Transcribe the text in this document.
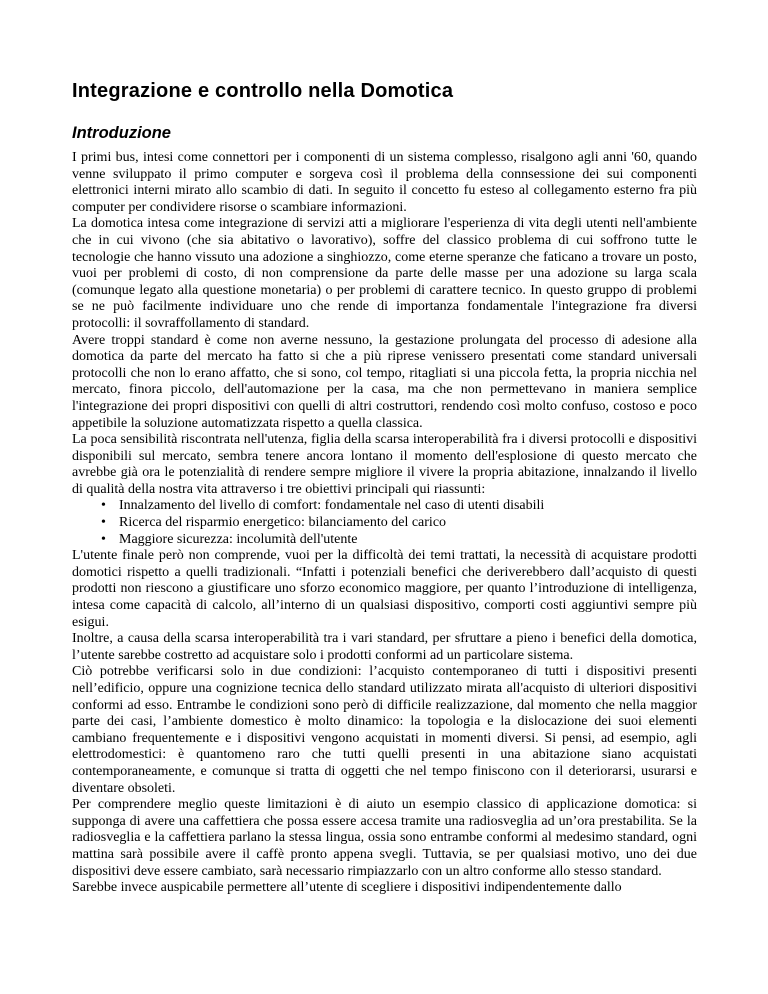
Integrazione e controllo nella Domotica
Introduzione

I primi bus, intesi come connettori per i componenti di un sistema complesso, risalgono agli anni '60, quando venne sviluppato il primo computer e sorgeva così il problema della connsessione dei sui componenti elettronici interni mirato allo scambio di dati. In seguito il concetto fu esteso al collegamento esterno fra più computer per condividere risorse o scambiare informazioni.

La domotica intesa come integrazione di servizi atti a migliorare l'esperienza di vita degli utenti nell'ambiente che in cui vivono (che sia abitativo o lavorativo), soffre del classico problema di cui soffrono tutte le tecnologie che hanno vissuto una adozione a singhiozzo, come eterne speranze che faticano a trovare un posto, vuoi per problemi di costo, di non comprensione da parte delle masse per una adozione su larga scala (comunque legato alla questione monetaria) o per problemi di carattere tecnico. In questo gruppo di problemi se ne può facilmente individuare uno che rende di importanza fondamentale l'integrazione fra diversi protocolli: il sovraffollamento di standard.

Avere troppi standard è come non averne nessuno, la gestazione prolungata del processo di adesione alla domotica da parte del mercato ha fatto si che a più riprese venissero presentati come standard universali protocolli che non lo erano affatto, che si sono, col tempo, ritagliati si una piccola fetta, la propria nicchia nel mercato, finora piccolo, dell'automazione per la casa, ma che non permettevano in maniera semplice l'integrazione dei propri dispositivi con quelli di altri costruttori, rendendo così molto confuso, costoso e poco appetibile la soluzione automatizzata rispetto a quella classica.

La poca sensibilità riscontrata nell'utenza, figlia della scarsa interoperabilità fra i diversi protocolli e dispositivi disponibili sul mercato, sembra tenere ancora lontano il momento dell'esplosione di questo mercato che avrebbe già ora le potenzialità di rendere sempre migliore il vivere la propria abitazione, innalzando il livello di qualità della nostra vita attraverso i tre obiettivi principali qui riassunti:

• Innalzamento del livello di comfort: fondamentale nel caso di utenti disabili
• Ricerca del risparmio energetico: bilanciamento del carico
• Maggiore sicurezza: incolumità dell'utente

L'utente finale però non comprende, vuoi per la difficoltà dei temi trattati, la necessità di acquistare prodotti domotici rispetto a quelli tradizionali. “Infatti i potenziali benefici che deriverebbero dall’acquisto di questi prodotti non riescono a giustificare uno sforzo economico maggiore, per quanto l’introduzione di intelligenza, intesa come capacità di calcolo, all’interno di un qualsiasi dispositivo, comporti costi aggiuntivi sempre più esigui.

Inoltre, a causa della scarsa interoperabilità tra i vari standard, per sfruttare a pieno i benefici della domotica, l’utente sarebbe costretto ad acquistare solo i prodotti conformi ad un particolare sistema.

Ciò potrebbe verificarsi solo in due condizioni: l’acquisto contemporaneo di tutti i dispositivi presenti nell’edificio, oppure una cognizione tecnica dello standard utilizzato mirata all'acquisto di ulteriori dispositivi conformi ad esso. Entrambe le condizioni sono però di difficile realizzazione, dal momento che nella maggior parte dei casi, l’ambiente domestico è molto dinamico: la topologia e la dislocazione dei suoi elementi cambiano frequentemente e i dispositivi vengono acquistati in momenti diversi. Si pensi, ad esempio, agli elettrodomestici: è quantomeno raro che tutti quelli presenti in una abitazione siano acquistati contemporaneamente, e comunque si tratta di oggetti che nel tempo finiscono con il deteriorarsi, usurarsi e diventare obsoleti.

Per comprendere meglio queste limitazioni è di aiuto un esempio classico di applicazione domotica: si supponga di avere una caffettiera che possa essere accesa tramite una radiosveglia ad un’ora prestabilita. Se la radiosveglia e la caffettiera parlano la stessa lingua, ossia sono entrambe conformi al medesimo standard, ogni mattina sarà possibile avere il caffè pronto appena svegli. Tuttavia, se per qualsiasi motivo, uno dei due dispositivi deve essere cambiato, sarà necessario rimpiazzarlo con un altro conforme allo stesso standard.

Sarebbe invece auspicabile permettere all’utente di scegliere i dispositivi indipendentemente dallo
